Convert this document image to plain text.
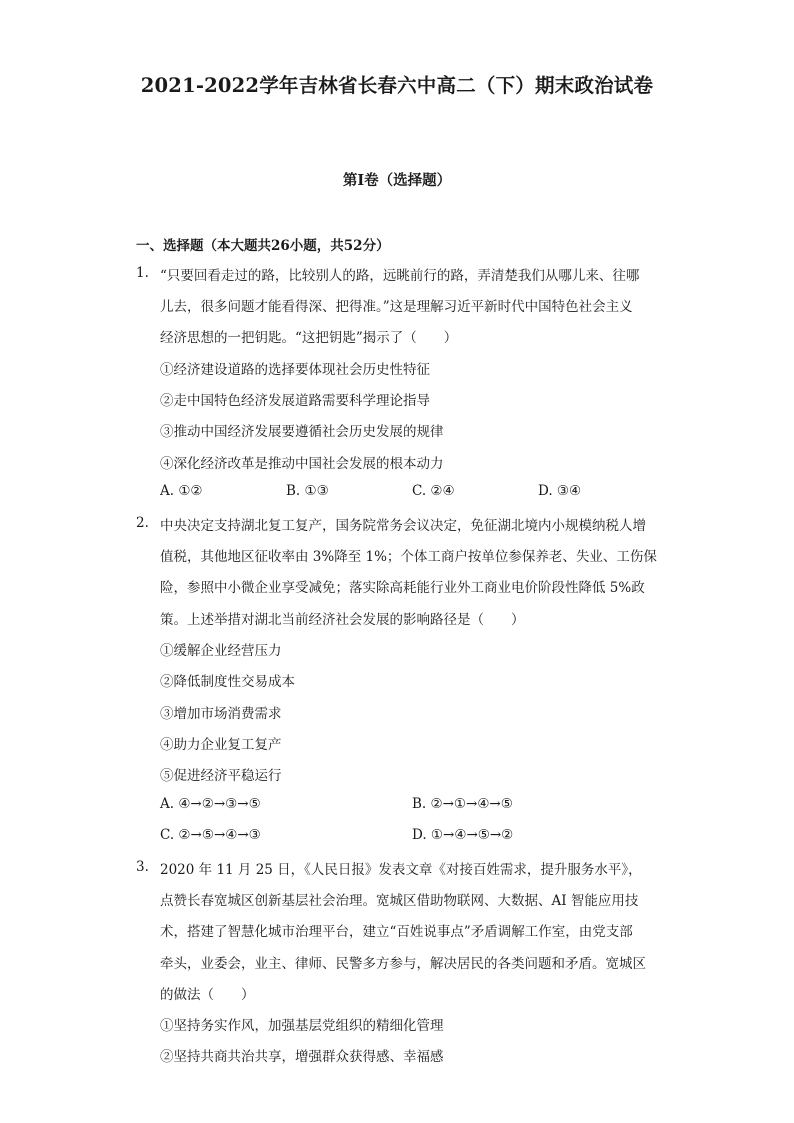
2021-2022学年吉林省长春六中高二（下）期末政治试卷
第I卷（选择题）
一、选择题（本大题共26小题，共52分）
1. “只要回看走过的路，比较别人的路，远眺前行的路，弄清楚我们从哪儿来、往哪
儿去，很多问题才能看得深、把得准。”这是理解习近平新时代中国特色社会主义
经济思想的一把钥匙。“这把钥匙”揭示了（　　）
①经济建设道路的选择要体现社会历史性特征
②走中国特色经济发展道路需要科学理论指导
③推动中国经济发展要遵循社会历史发展的规律
④深化经济改革是推动中国社会发展的根本动力
A. ①②	B. ①③	C. ②④	D. ③④
2. 中央决定支持湖北复工复产，国务院常务会议决定，免征湖北境内小规模纳税人增
值税，其他地区征收率由 3%降至 1%；个体工商户按单位参保养老、失业、工伤保
险，参照中小微企业享受减免；落实除高耗能行业外工商业电价阶段性降低 5%政
策。上述举措对湖北当前经济社会发展的影响路径是（　　）
①缓解企业经营压力
②降低制度性交易成本
③增加市场消费需求
④助力企业复工复产
⑤促进经济平稳运行
A. ④→②→③→⑤	B. ②→①→④→⑤
C. ②→⑤→④→③	D. ①→④→⑤→②
3. 2020 年 11 月 25 日，《人民日报》发表文章《对接百姓需求，提升服务水平》，
点赞长春宽城区创新基层社会治理。宽城区借助物联网、大数据、AI 智能应用技
术，搭建了智慧化城市治理平台，建立“百姓说事点”矛盾调解工作室，由党支部
牵头，业委会，业主、律师、民警多方参与，解决居民的各类问题和矛盾。宽城区
的做法（　　）
①坚持务实作风，加强基层党组织的精细化管理
②坚持共商共治共享，增强群众获得感、幸福感
